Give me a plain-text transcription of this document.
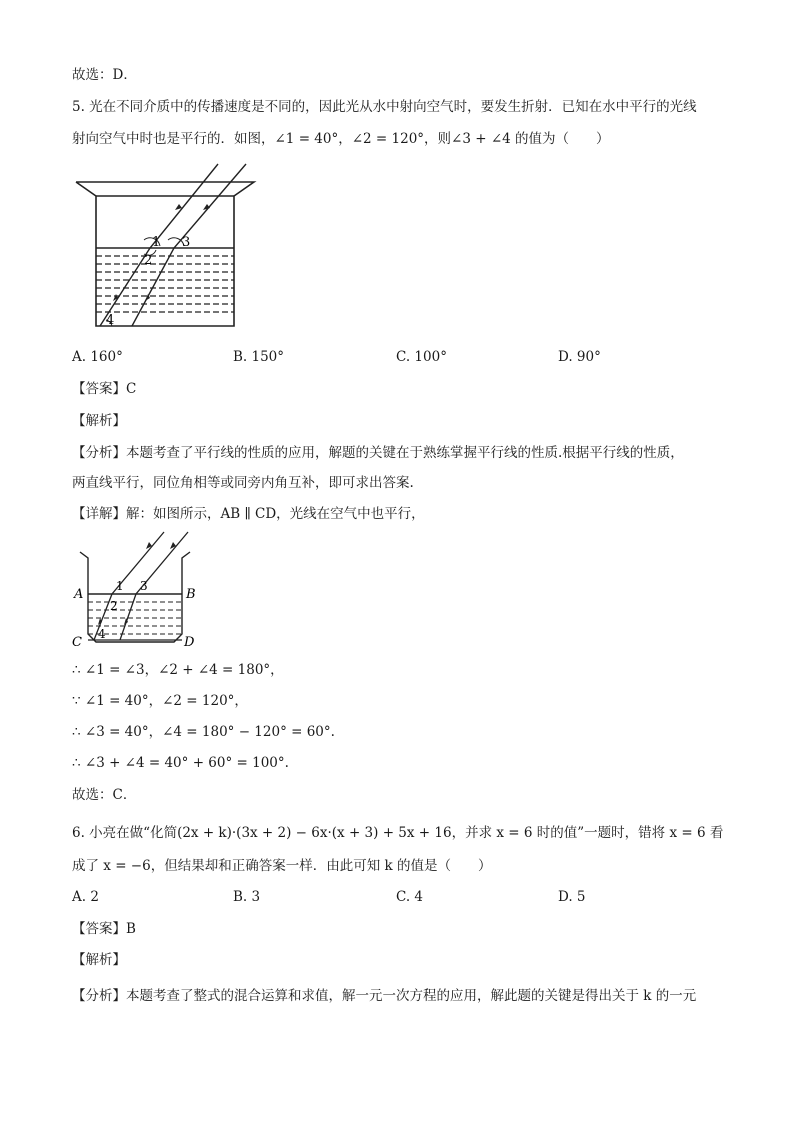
故选：D．
5. 光在不同介质中的传播速度是不同的，因此光从水中射向空气时，要发生折射．已知在水中平行的光线
射向空气中时也是平行的．如图，∠1 = 40°，∠2 = 120°，则∠3 + ∠4 的值为（　　）
1
2
3
4
A. 160°	B. 150°	C. 100°	D. 90°
【答案】C
【解析】
【分析】本题考查了平行线的性质的应用，解题的关键在于熟练掌握平行线的性质.根据平行线的性质，
两直线平行，同位角相等或同旁内角互补，即可求出答案.
【详解】解：如图所示，AB ∥ CD，光线在空气中也平行，
A	B
C	D
1
2
3
4
∴ ∠1 = ∠3，∠2 + ∠4 = 180°，
∵ ∠1 = 40°，∠2 = 120°，
∴ ∠3 = 40°，∠4 = 180° − 120° = 60°.
∴ ∠3 + ∠4 = 40° + 60° = 100°.
故选：C．
6. 小亮在做“化简(2x + k)·(3x + 2) − 6x·(x + 3) + 5x + 16，并求 x = 6 时的值”一题时，错将 x = 6 看
成了 x = −6，但结果却和正确答案一样．由此可知 k 的值是（　　）
A. 2	B. 3	C. 4	D. 5
【答案】B
【解析】
【分析】本题考查了整式的混合运算和求值，解一元一次方程的应用，解此题的关键是得出关于 k 的一元
